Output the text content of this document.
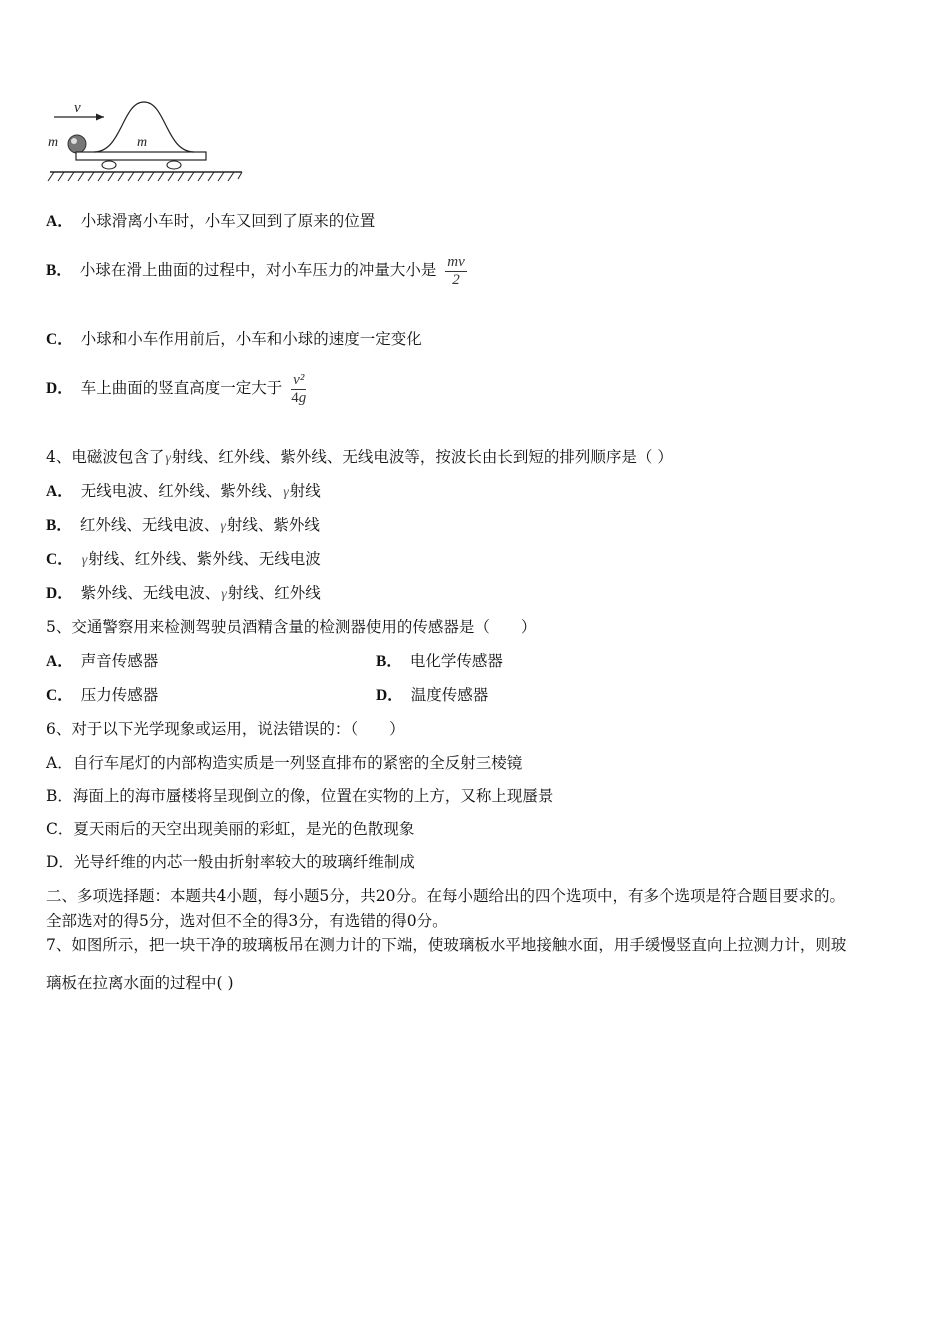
v
m	m
A． 小球滑离小车时，小车又回到了原来的位置
B． 小球在滑上曲面的过程中，对小车压力的冲量大小是 $\frac{mv}{2}$
C． 小球和小车作用前后，小车和小球的速度一定变化
D． 车上曲面的竖直高度一定大于 $\frac{\text{v²}}{4g}$
4、电磁波包含了γ射线、红外线、紫外线、无线电波等，按波长由长到短的排列顺序是（ ）
A． 无线电波、红外线、紫外线、γ射线
B． 红外线、无线电波、γ射线、紫外线
C． γ射线、红外线、紫外线、无线电波
D． 紫外线、无线电波、γ射线、红外线
5、交通警察用来检测驾驶员酒精含量的检测器使用的传感器是（　　）
A． 声音传感器	B． 电化学传感器
C． 压力传感器	D． 温度传感器
6、对于以下光学现象或运用，说法错误的：（　　）
A．自行车尾灯的内部构造实质是一列竖直排布的紧密的全反射三棱镜
B．海面上的海市蜃楼将呈现倒立的像，位置在实物的上方，又称上现蜃景
C．夏天雨后的天空出现美丽的彩虹，是光的色散现象
D．光导纤维的内芯一般由折射率较大的玻璃纤维制成
二、多项选择题：本题共4小题，每小题5分，共20分。在每小题给出的四个选项中，有多个选项是符合题目要求的。
全部选对的得5分，选对但不全的得3分，有选错的得0分。
7、如图所示，把一块干净的玻璃板吊在测力计的下端，使玻璃板水平地接触水面，用手缓慢竖直向上拉测力计，则玻
璃板在拉离水面的过程中( )
